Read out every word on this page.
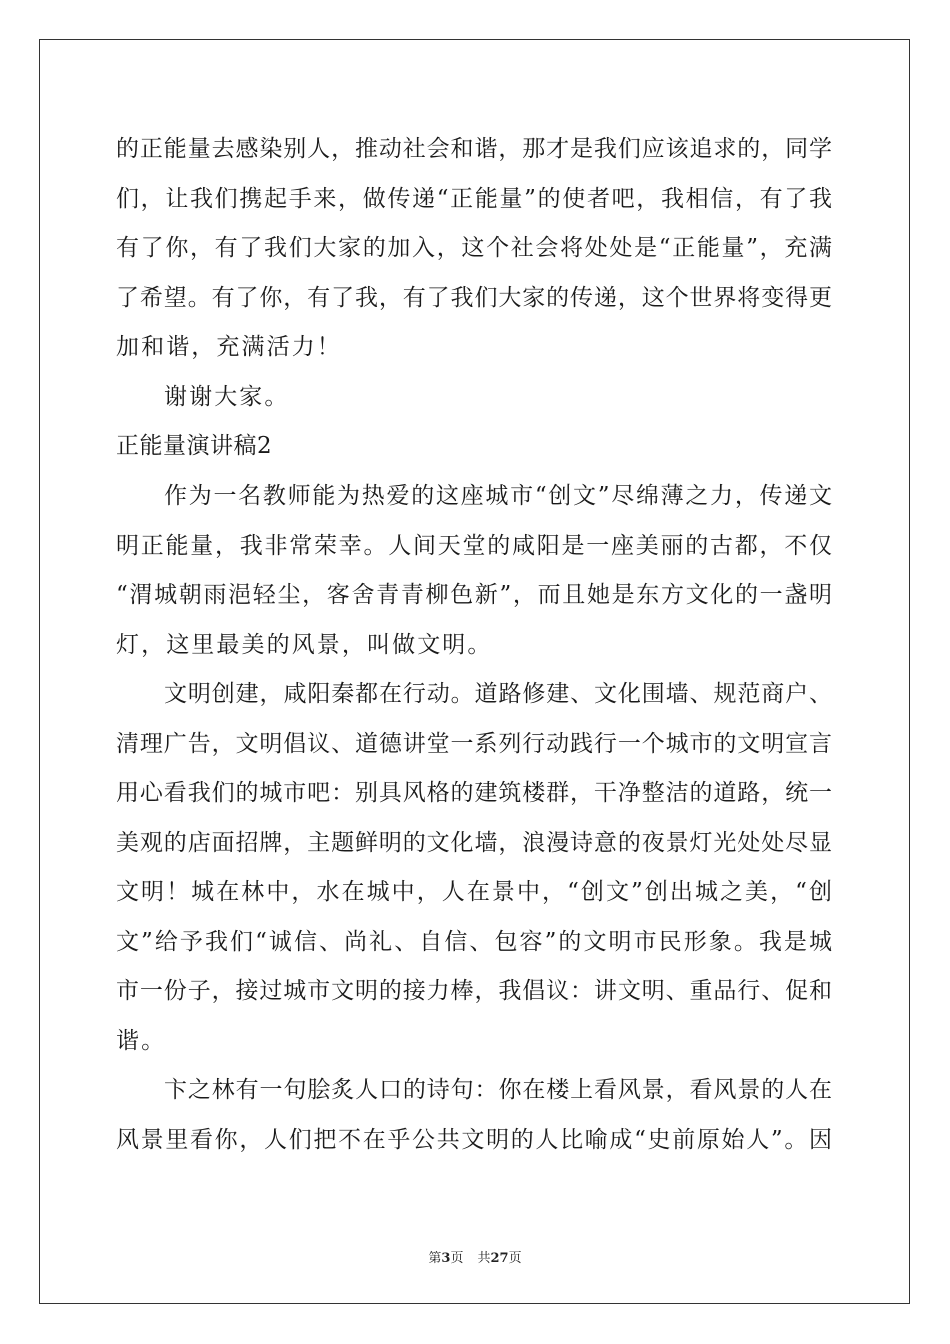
的正能量去感染别人，推动社会和谐，那才是我们应该追求的，同学
们，让我们携起手来，做传递“正能量”的使者吧，我相信，有了我
有了你，有了我们大家的加入，这个社会将处处是“正能量”，充满
了希望。有了你，有了我，有了我们大家的传递，这个世界将变得更
加和谐，充满活力！
谢谢大家。
正能量演讲稿2
作为一名教师能为热爱的这座城市“创文”尽绵薄之力，传递文
明正能量，我非常荣幸。人间天堂的咸阳是一座美丽的古都，不仅
“渭城朝雨浥轻尘，客舍青青柳色新”，而且她是东方文化的一盏明
灯，这里最美的风景，叫做文明。
文明创建，咸阳秦都在行动。道路修建、文化围墙、规范商户、
清理广告，文明倡议、道德讲堂一系列行动践行一个城市的文明宣言
用心看我们的城市吧：别具风格的建筑楼群，干净整洁的道路，统一
美观的店面招牌，主题鲜明的文化墙，浪漫诗意的夜景灯光处处尽显
文明！城在林中，水在城中，人在景中，“创文”创出城之美，“创
文”给予我们“诚信、尚礼、自信、包容”的文明市民形象。我是城
市一份子，接过城市文明的接力棒，我倡议：讲文明、重品行、促和
谐。
卞之林有一句脍炙人口的诗句：你在楼上看风景，看风景的人在
风景里看你，人们把不在乎公共文明的人比喻成“史前原始人”。因
第3页 共27页
